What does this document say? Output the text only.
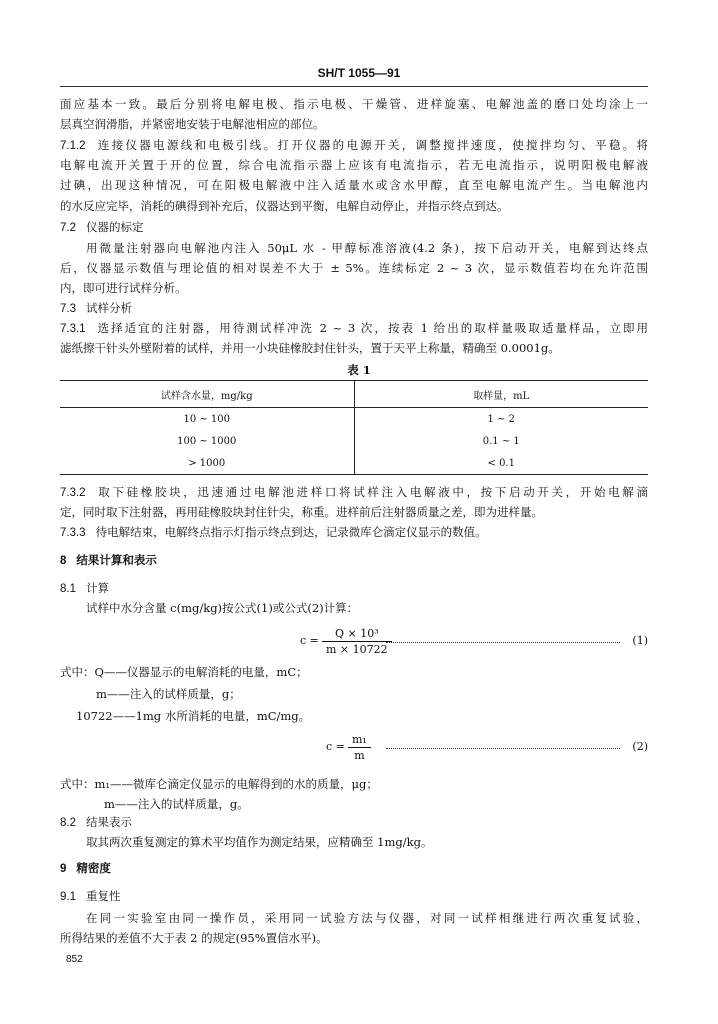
SH/T 1055—91
面应基本一致。最后分别将电解电极、指示电极、干燥管、进样旋塞、电解池盖的磨口处均涂上一
层真空润滑脂，并紧密地安装于电解池相应的部位。
7.1.2 连接仪器电源线和电极引线。打开仪器的电源开关，调整搅拌速度，使搅拌均匀、平稳。将
电解电流开关置于开的位置，综合电流指示器上应该有电流指示，若无电流指示，说明阳极电解液
过碘，出现这种情况，可在阳极电解液中注入适量水或含水甲醇，直至电解电流产生。当电解池内
的水反应完毕，消耗的碘得到补充后，仪器达到平衡，电解自动停止，并指示终点到达。
7.2 仪器的标定
用微量注射器向电解池内注入 50μL 水 - 甲醇标准溶液(4.2 条)，按下启动开关，电解到达终点
后，仪器显示数值与理论值的相对误差不大于 ± 5%。连续标定 2 ~ 3 次，显示数值若均在允许范围
内，即可进行试样分析。
7.3 试样分析
7.3.1 选择适宜的注射器，用待测试样冲洗 2 ~ 3 次，按表 1 给出的取样量吸取适量样品，立即用
滤纸擦干针头外壁附着的试样，并用一小块硅橡胶封住针头，置于天平上称量，精确至 0.0001g。
表 1
试样含水量，mg/kg	取样量，mL
10 ~ 100	1 ~ 2
100 ~ 1000	0.1 ~ 1
> 1000	< 0.1
7.3.2 取下硅橡胶块，迅速通过电解池进样口将试样注入电解液中，按下启动开关，开始电解滴
定，同时取下注射器，再用硅橡胶块封住针尖，称重。进样前后注射器质量之差，即为进样量。
7.3.3 待电解结束，电解终点指示灯指示终点到达，记录微库仑滴定仪显示的数值。
8 结果计算和表示
8.1 计算
试样中水分含量 c(mg/kg)按公式(1)或公式(2)计算：
$c = \frac{\text{Q × 10³}}{m \times 10722}$	(1)
式中：Q——仪器显示的电解消耗的电量，mC；
m——注入的试样质量，g；
10722——1mg 水所消耗的电量，mC/mg。
$c = \frac{\text{m₁}}{m}$	(2)
式中：m₁——微库仑滴定仪显示的电解得到的水的质量，μg；
m——注入的试样质量，g。
8.2 结果表示
取其两次重复测定的算术平均值作为测定结果，应精确至 1mg/kg。
9 精密度
9.1 重复性
在同一实验室由同一操作员，采用同一试验方法与仪器，对同一试样相继进行两次重复试验，
所得结果的差值不大于表 2 的规定(95%置信水平)。
852
